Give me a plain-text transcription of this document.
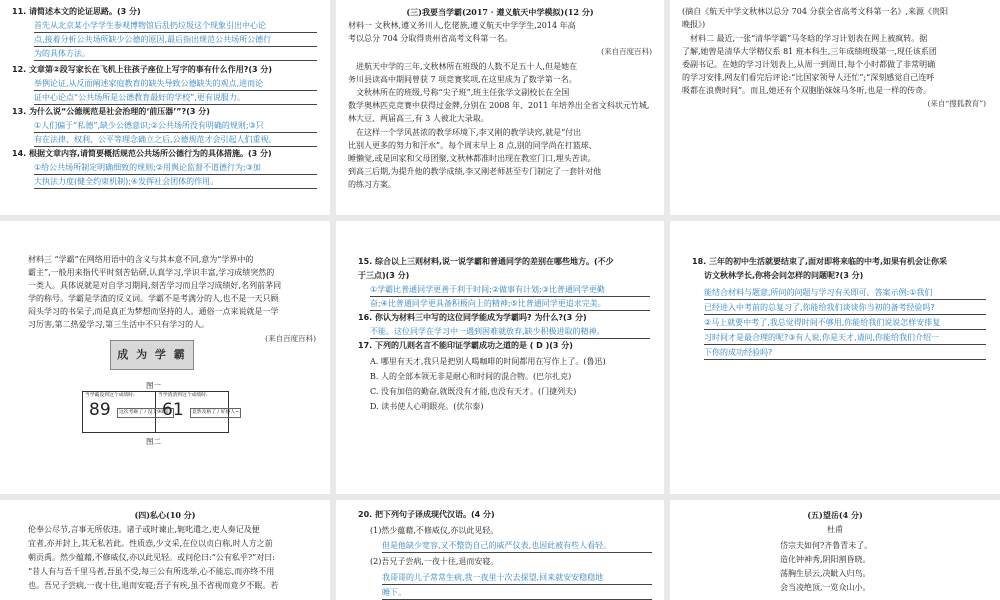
11. 请简述本文的论证思路。(3 分)
首先从北京某小学学生参观博物馆后乱扔垃圾这个现象引出中心论
点,接着分析公共场所缺少公德的原因,最后指出规范公共场所公德行
为的具体方法。
12. 文章第②段写家长在飞机上往孩子座位上写字的事有什么作用?(3 分)
举例论证,从反面阐述家庭教育的缺失导致公德缺失的观点,进而论
证中心论点“公共场所是公德教育最好的学校”,更有说服力。
13. 为什么说“公德规范是社会治理的‘前压器’”?(3 分)
①人们偏于“私德”,缺少公德意识;②公共场所没有明确的规则;③只
有在法律、权利、公平等理念确立之后,公德规范才会引起人们重视。
14. 根据文章内容,请简要概括规范公共场所公德行为的具体措施。(3 分)
①给公共场所制定明确细致的规则;②用舆论监督不道德行为;③加
大执法力度(健全约束机制);④发挥社会团体的作用。
(三)我要当学霸(2017 · 遵义航天中学模拟)(12 分)
材料一 文秋林,遵义务川人,仡佬族,遵义航天中学学生,2014 年高
考以总分 704 分取得贵州省高考文科第一名。
(来自百度百科)
进航天中学的三年,文秋林所在班级的人数不足五十人,但是她在
务川县读高中期间曾获 7 项竞赛奖项,在这里成为了数学第一名。
文秋林所在的班级,号称“尖子班”,班主任张学文副校长在全国
数学奥林匹克竞赛中获得过金牌,分别在 2008 年、2011 年培养出全省文科状元竹城,
林大豆、两届高三,有 3 人被北大录取。
在这样一个学风甚浓的教学环境下,李又刚的教学诀窍,就是“付出
比别人更多的努力和汗水”。每个周末早上 8 点,别的同学尚在打篮球、
睡懒觉,或是回家和父母团聚,文秋林都准时出现在教室门口,埋头苦读。
到高三后期,为提升他的教学成绩,李又刚老师甚至专门制定了一套针对他
的练习方案。
(摘自《航天中学文秋林以总分 704 分获全省高考文科第一名》,来源《贵阳
晚报》)
材料二 最近,一张“清华学霸”马冬晗的学习计划表在网上被疯转。据
了解,她曾是清华大学精仪系 81 班本科生,三年成绩班级第一,现任该系团
委副书记。在她的学习计划表上,从周一到周日,每个小时都做了非常明确
的学习安排,网友们看完后评论:“比国家领导人还忙”;“深刻感觉自己连呼
吸都在浪费时间”。而且,她还有个双胞胎妹妹马冬昕,也是一样的传奇。
(来自“搜狐教育”)
材料三 “学霸”在网络用语中的含义与其本意不同,意为“学界中的
霸主”,一般用来指代平时刻苦钻研,认真学习,学识丰富,学习成绩突然的
一类人。具体说就是对自学习期间,刻苦学习而且学习成绩好,名列前茅同
学的称号。学霸是学渣的反义词。学霸不是考满分的人,也不是一天只顾
闷头学习的书呆子,而是真正为梦想而坚持的人。通俗一点来说就是一学
习厉害,第二热爱学习,第三生活中不只有学习的人。
(来自百度百科)
成 为 学 霸
图一
当学霸没到这个成绩时:
89	这次考砸了 / 没上90耶!!
当学渣渣到这个成绩时:
61	竟然及格了 / 好感人~
图二
15. 综合以上三则材料,说一说学霸和普通同学的差别在哪些地方。(不少
于三点)(3 分)
①学霸比普通同学更善于利于时间;②做事有计划;③比普通同学更勤
奋;④比普通同学更具备积极向上的精神;⑤比普通同学更追求完美。
16. 你认为材料三中写的这位同学能成为学霸吗? 为什么?(3 分)
不能。这位同学在学习中一遇到困难就放弃,缺少积极进取的精神。
17. 下列的几则名言不能印证学霸成功之道的是 ( D )(3 分)
A. 哪里有天才,我只是把别人喝咖啡的时间都用在写作上了。(鲁迅)
B. 人的全部本领无非是耐心和时间的混合物。(巴尔扎克)
C. 没有加倍的勤奋,就既没有才能,也没有天才。(门捷列夫)
D. 读书使人心明眼亮。(伏尔泰)
18. 三年的初中生活就要结束了,面对即将来临的中考,如果有机会让你采
访文秋林学长,你将会问怎样的问题呢?(3 分)
能结合材料与题意,所问的问题与学习有关即可。答案示例:①我们
已经进入中考前的总复习了,你能给我们谈谈你当初的备考经验吗?
②马上就要中考了,我总觉得时间不够用,你能给我们说说怎样安排复
习时间才是最合理的呢?③有人说,你是天才,请问,你能给我们介绍一
下你的成功经验吗?
(四)私心(10 分)
伦奉公尽节,言事无所依违。诸子或时谏止,轭叱遣之,吏人奏记及便
宜者,亦并封上,其无私若此。性质悫,少文采,在位以贞白称,时人方之前
朝贡禹。然少蕴藉,不修威仪,亦以此见轻。或问伦曰:“公有私乎?”对曰:
“昔人有与吾千里马者,吾虽不受,每三公有所选举,心不能忘,而亦终不用
也。吾兄子尝病,一夜十往,退而安寝;吾子有疾,虽不省视而竟夕不眠。若
20. 把下列句子译成现代汉语。(4 分)
(1)然少蕴藉,不修威仪,亦以此见轻。
但是他缺少宽容,又不整饬自己的威严仪表,也因此被有些人看轻。
(2)吾兄子尝病,一夜十往,退而安寝。
我哥哥的儿子常常生病,我一夜里十次去探望,回来就安安稳稳地
睡下。
(五)望岳(4 分)
杜甫
岱宗夫如何?齐鲁青未了。
造化钟神秀,阴阳割昏晓。
荡胸生层云,决眦入归鸟。
会当凌绝顶,一览众山小。
